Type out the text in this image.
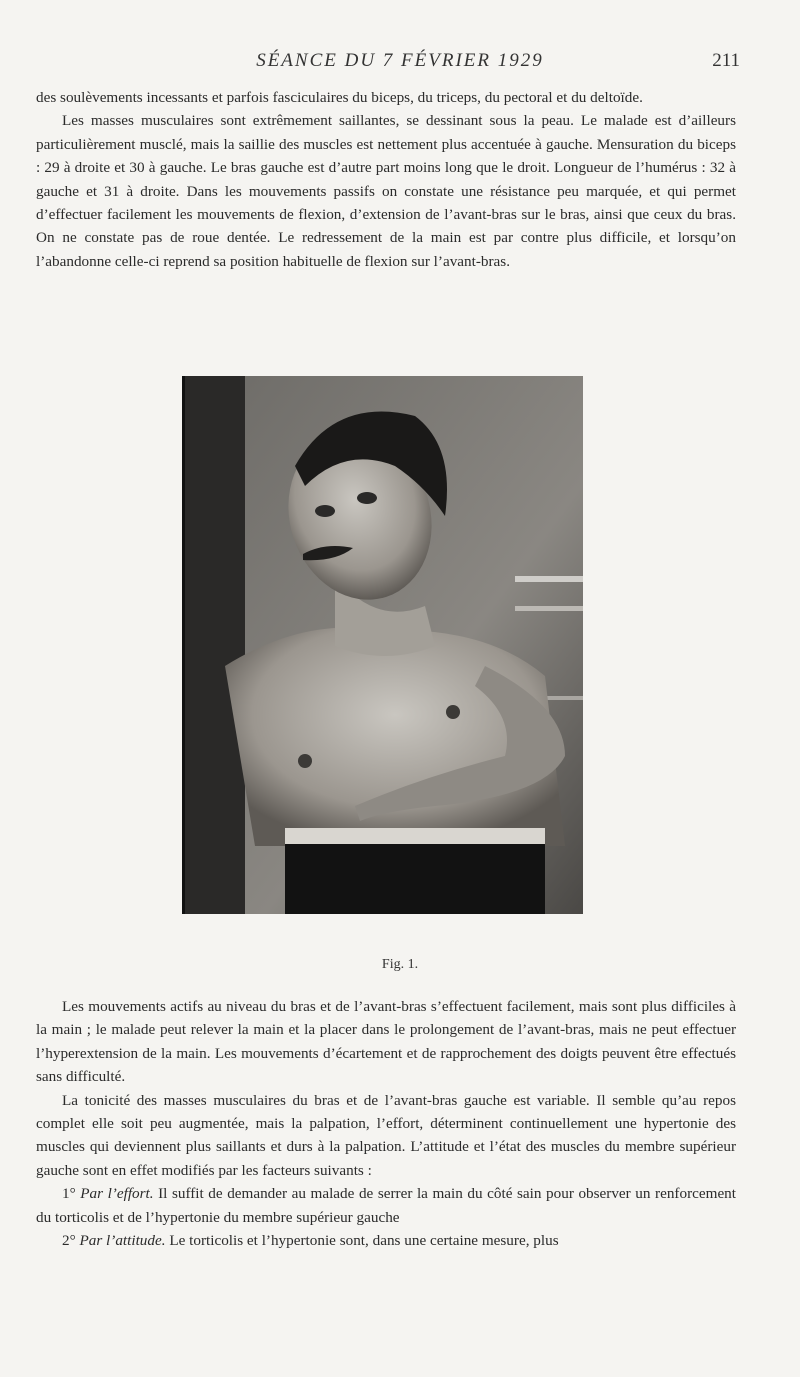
SÉANCE DU 7 FÉVRIER 1929	211

des soulèvements incessants et parfois fasciculaires du biceps, du triceps, du pectoral et du deltoïde.

Les masses musculaires sont extrêmement saillantes, se dessinant sous la peau. Le malade est d’ailleurs particulièrement musclé, mais la saillie des muscles est nettement plus accentuée à gauche. Mensuration du biceps : 29 à droite et 30 à gauche. Le bras gauche est d’autre part moins long que le droit. Longueur de l’humérus : 32 à gauche et 31 à droite. Dans les mouvements passifs on constate une résistance peu marquée, et qui permet d’effectuer facilement les mouvements de flexion, d’extension de l’avant-bras sur le bras, ainsi que ceux du bras. On ne constate pas de roue dentée. Le redressement de la main est par contre plus difficile, et lorsqu’on l’abandonne celle-ci reprend sa position habituelle de flexion sur l’avant-bras.

Fig. 1.

Les mouvements actifs au niveau du bras et de l’avant-bras s’effectuent facilement, mais sont plus difficiles à la main ; le malade peut relever la main et la placer dans le prolongement de l’avant-bras, mais ne peut effectuer l’hyperextension de la main. Les mouvements d’écartement et de rapprochement des doigts peuvent être effectués sans difficulté.

La tonicité des masses musculaires du bras et de l’avant-bras gauche est variable. Il semble qu’au repos complet elle soit peu augmentée, mais la palpation, l’effort, déterminent continuellement une hypertonie des muscles qui deviennent plus saillants et durs à la palpation. L’attitude et l’état des muscles du membre supérieur gauche sont en effet modifiés par les facteurs suivants :

1° Par l’effort. Il suffit de demander au malade de serrer la main du côté sain pour observer un renforcement du torticolis et de l’hypertonie du membre supérieur gauche

2° Par l’attitude. Le torticolis et l’hypertonie sont, dans une certaine mesure, plus
